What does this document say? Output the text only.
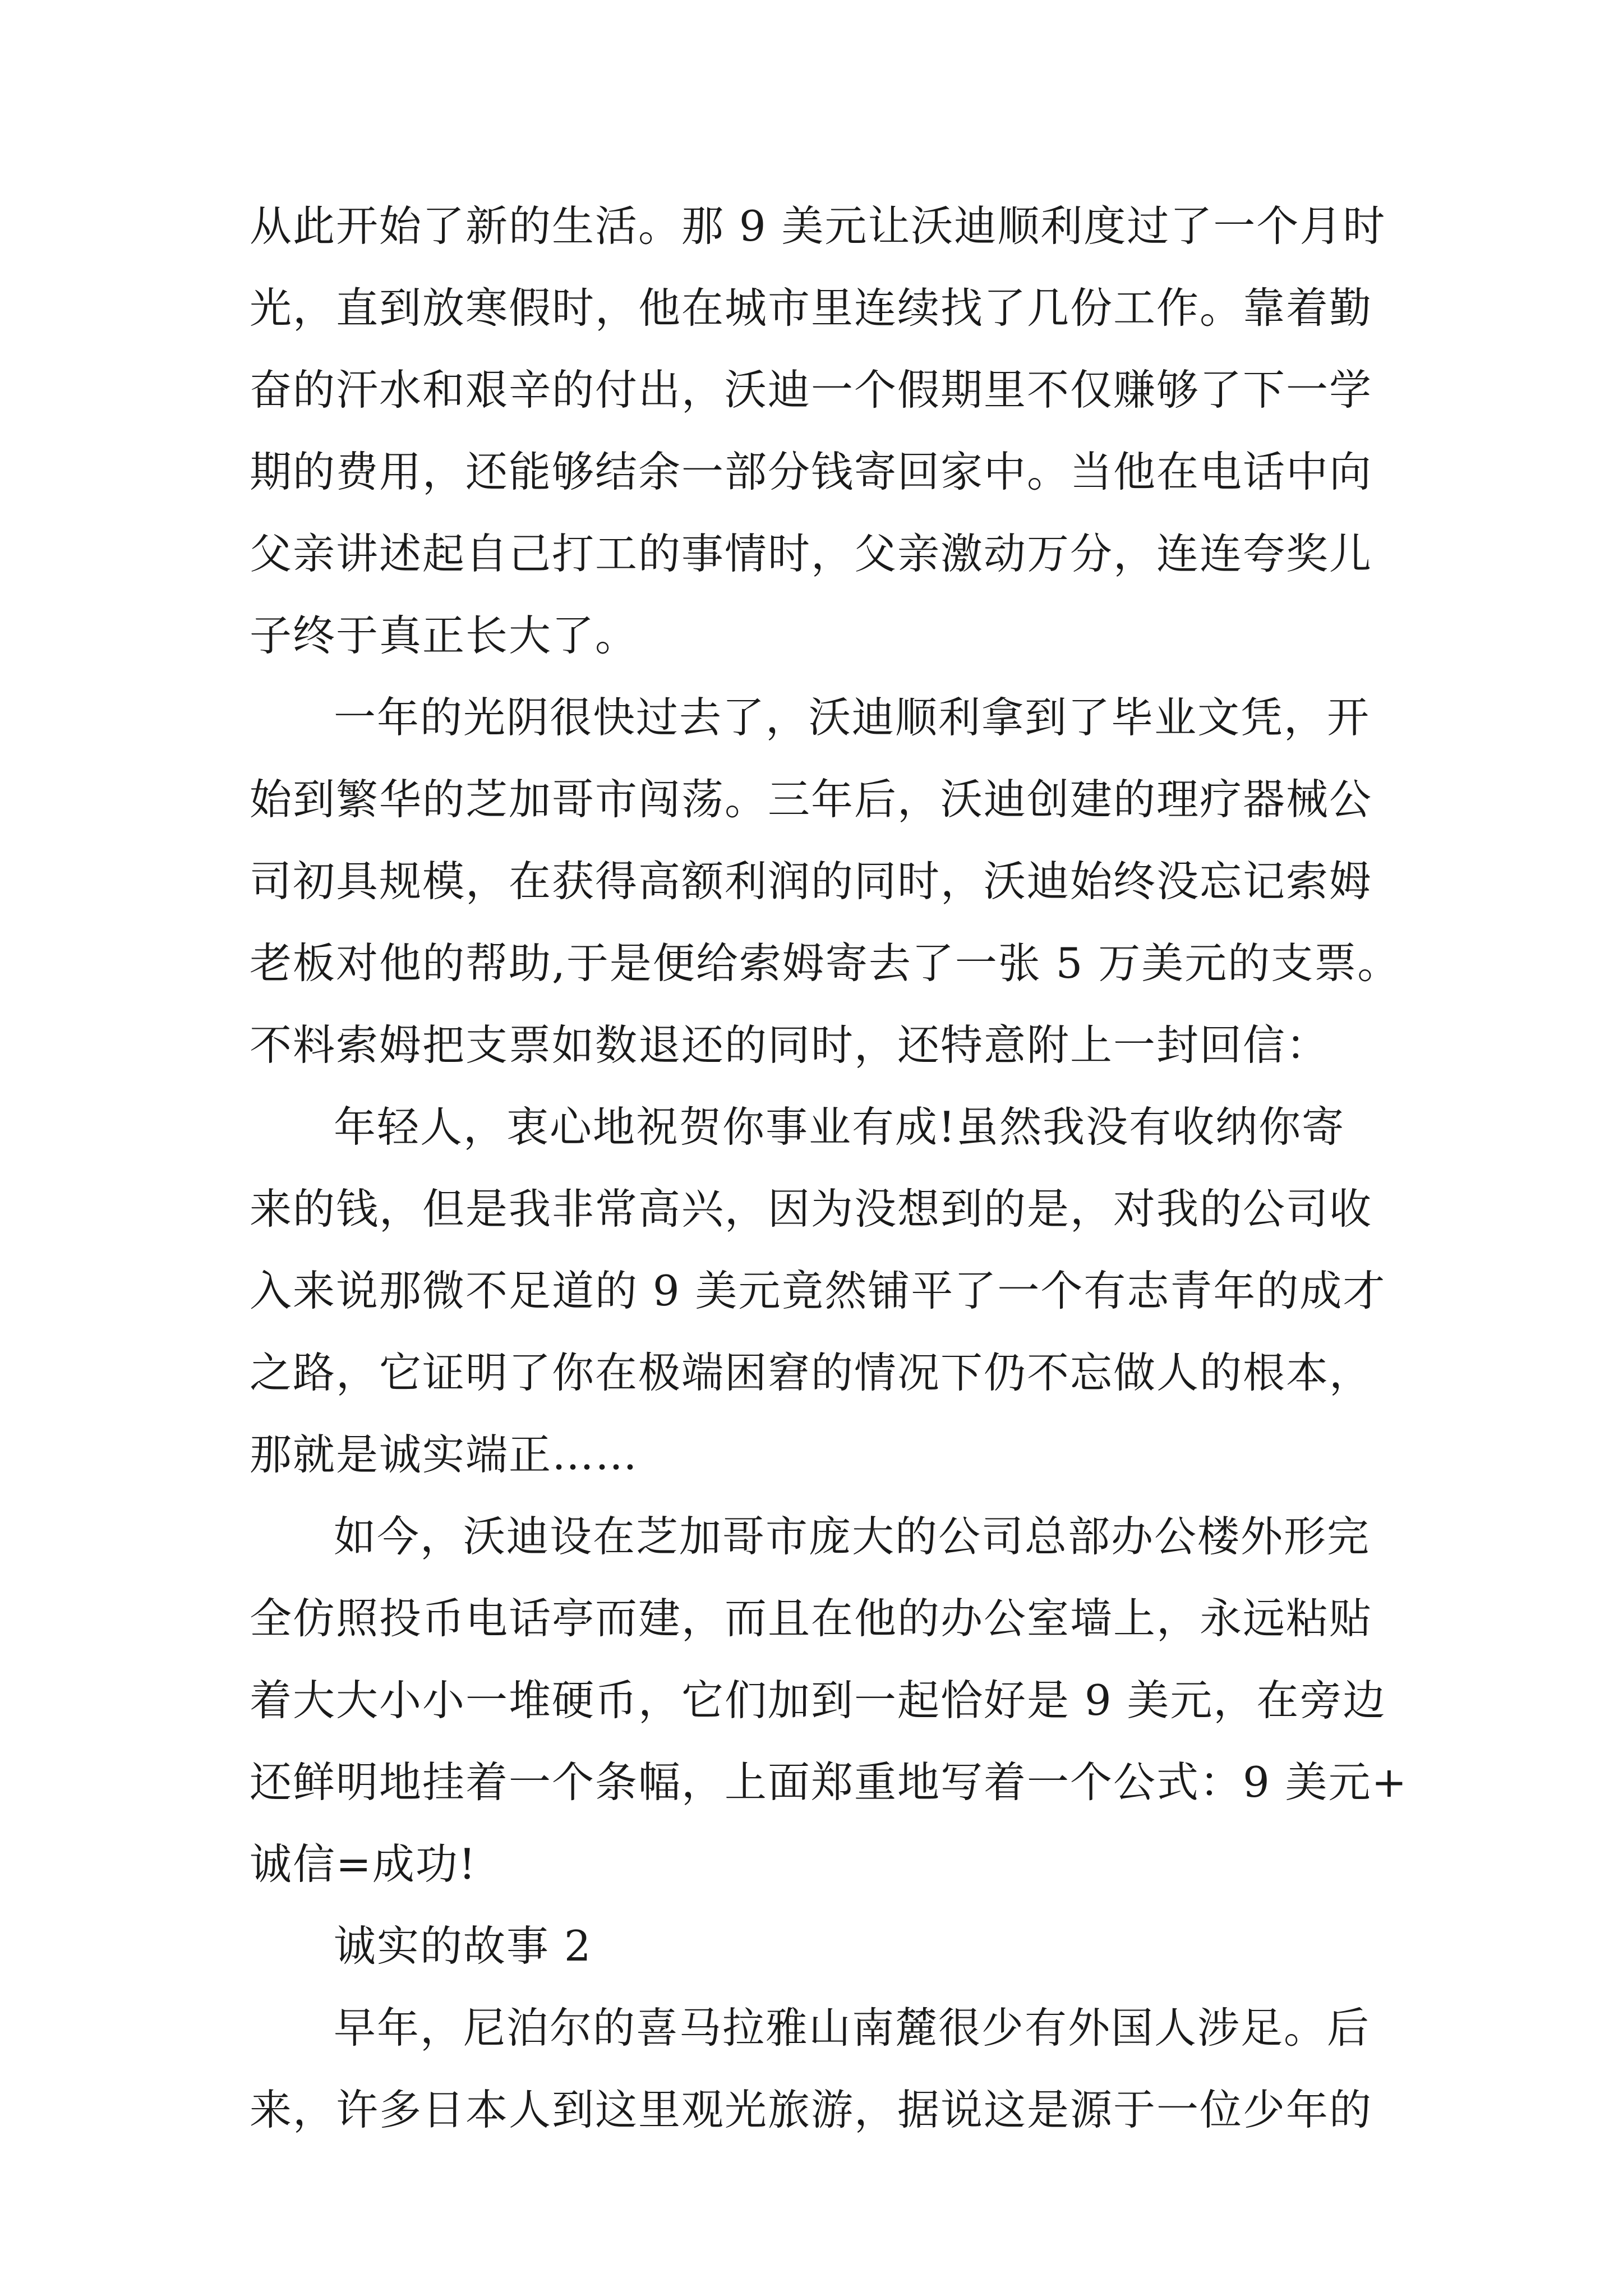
从此开始了新的生活。那 9 美元让沃迪顺利度过了一个月时
光，直到放寒假时，他在城市里连续找了几份工作。靠着勤
奋的汗水和艰辛的付出，沃迪一个假期里不仅赚够了下一学
期的费用，还能够结余一部分钱寄回家中。当他在电话中向
父亲讲述起自己打工的事情时，父亲激动万分，连连夸奖儿
子终于真正长大了。
一年的光阴很快过去了，沃迪顺利拿到了毕业文凭，开
始到繁华的芝加哥市闯荡。三年后，沃迪创建的理疗器械公
司初具规模，在获得高额利润的同时，沃迪始终没忘记索姆
老板对他的帮助,于是便给索姆寄去了一张 5 万美元的支票。
不料索姆把支票如数退还的同时，还特意附上一封回信：
年轻人，衷心地祝贺你事业有成!虽然我没有收纳你寄
来的钱，但是我非常高兴，因为没想到的是，对我的公司收
入来说那微不足道的 9 美元竟然铺平了一个有志青年的成才
之路，它证明了你在极端困窘的情况下仍不忘做人的根本，
那就是诚实端正……
如今，沃迪设在芝加哥市庞大的公司总部办公楼外形完
全仿照投币电话亭而建，而且在他的办公室墙上，永远粘贴
着大大小小一堆硬币，它们加到一起恰好是 9 美元，在旁边
还鲜明地挂着一个条幅，上面郑重地写着一个公式：9 美元+
诚信=成功!
诚实的故事 2
早年，尼泊尔的喜马拉雅山南麓很少有外国人涉足。后
来，许多日本人到这里观光旅游，据说这是源于一位少年的
